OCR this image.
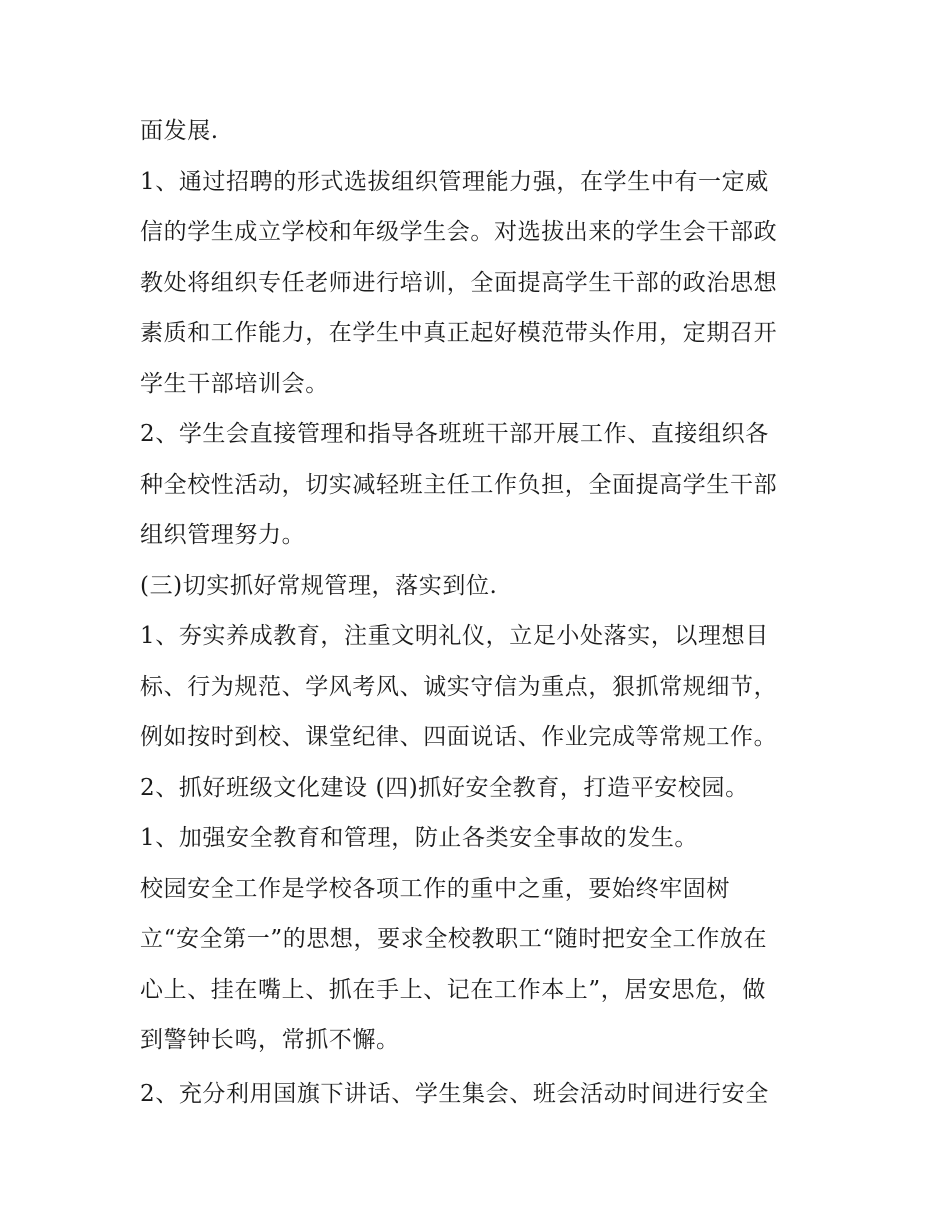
面发展.
1、通过招聘的形式选拔组织管理能力强，在学生中有一定威
信的学生成立学校和年级学生会。对选拔出来的学生会干部政
教处将组织专任老师进行培训，全面提高学生干部的政治思想
素质和工作能力，在学生中真正起好模范带头作用，定期召开
学生干部培训会。
2、学生会直接管理和指导各班班干部开展工作、直接组织各
种全校性活动，切实减轻班主任工作负担，全面提高学生干部
组织管理努力。
(三)切实抓好常规管理，落实到位.
1、夯实养成教育，注重文明礼仪，立足小处落实，以理想目
标、行为规范、学风考风、诚实守信为重点，狠抓常规细节，
例如按时到校、课堂纪律、四面说话、作业完成等常规工作。
2、抓好班级文化建设 (四)抓好安全教育，打造平安校园。
1、加强安全教育和管理，防止各类安全事故的发生。
校园安全工作是学校各项工作的重中之重，要始终牢固树
立“安全第一”的思想，要求全校教职工“随时把安全工作放在
心上、挂在嘴上、抓在手上、记在工作本上”，居安思危，做
到警钟长鸣，常抓不懈。
2、充分利用国旗下讲话、学生集会、班会活动时间进行安全
